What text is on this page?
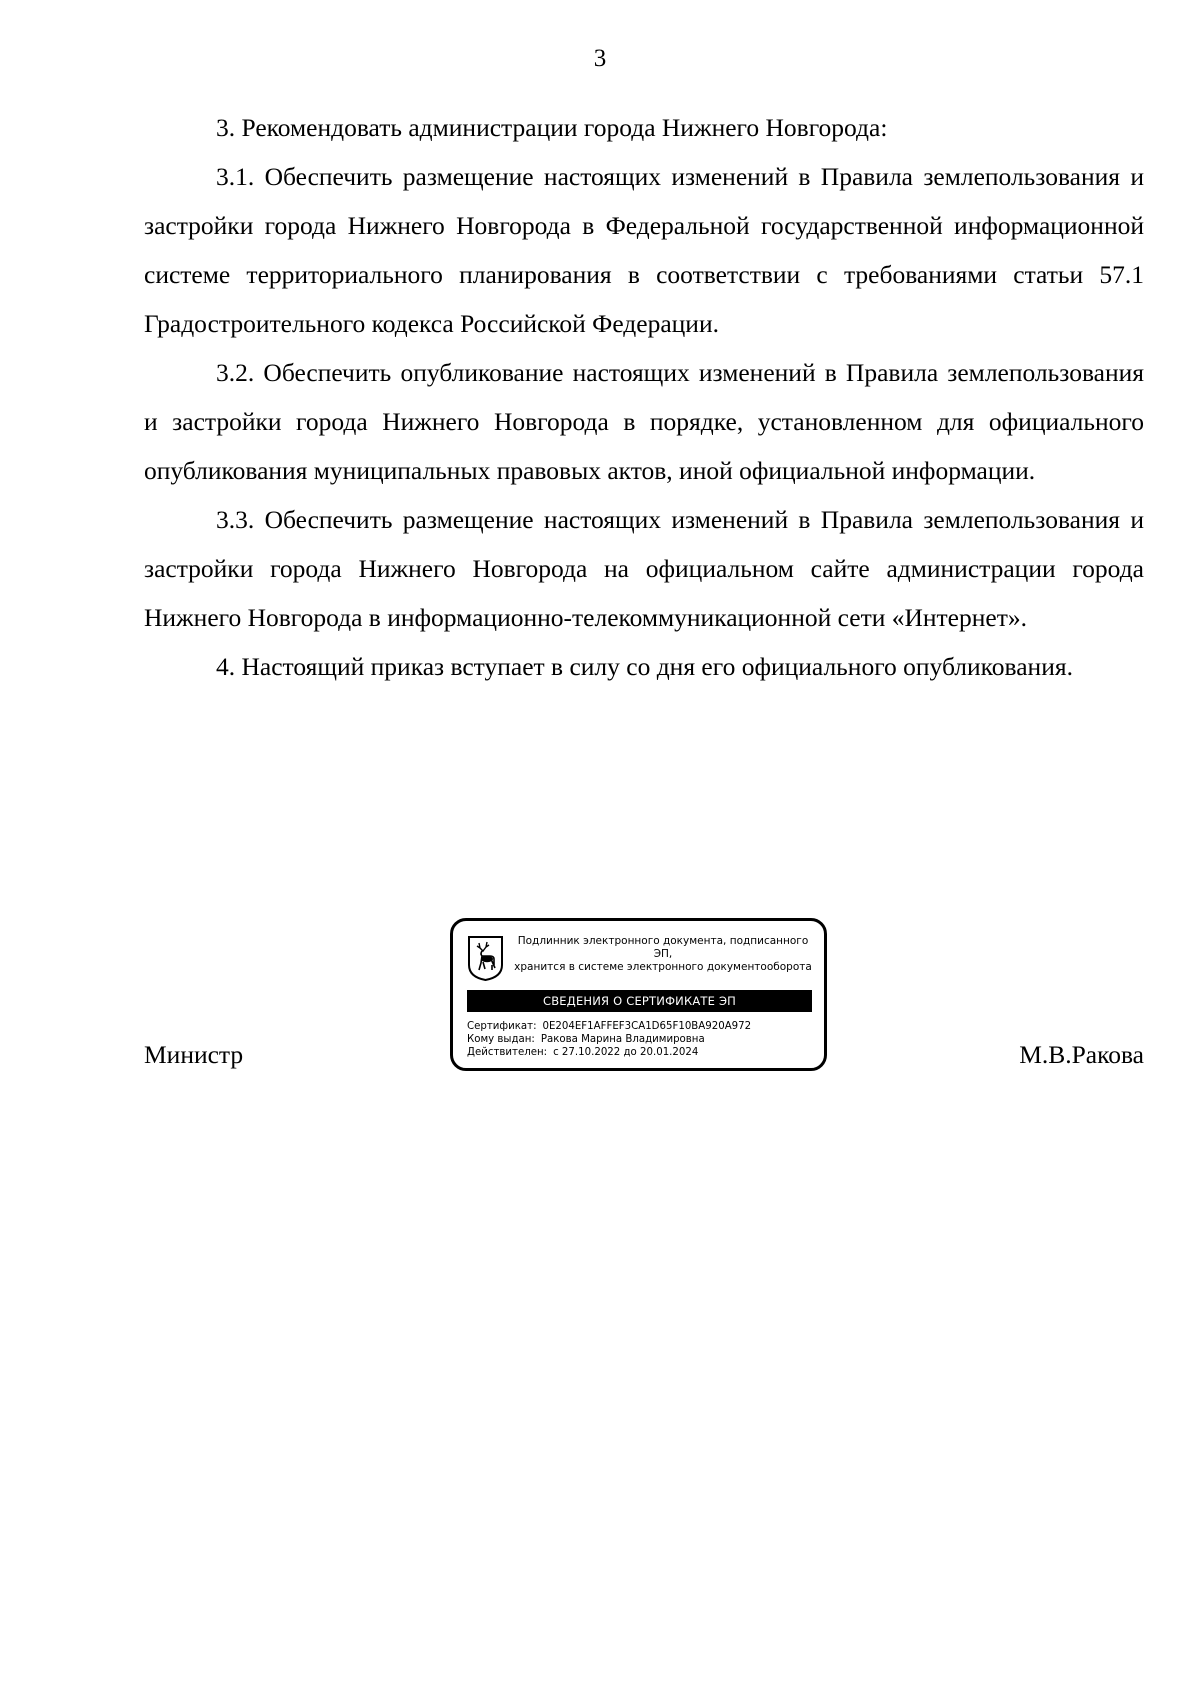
3

3. Рекомендовать администрации города Нижнего Новгорода:

3.1. Обеспечить размещение настоящих изменений в Правила землепользования и застройки города Нижнего Новгорода в Федеральной государственной информационной системе территориального планирования в соответствии с требованиями статьи 57.1 Градостроительного кодекса Российской Федерации.

3.2. Обеспечить опубликование настоящих изменений в Правила землепользования и застройки города Нижнего Новгорода в порядке, установленном для официального опубликования муниципальных правовых актов, иной официальной информации.

3.3. Обеспечить размещение настоящих изменений в Правила землепользования и застройки города Нижнего Новгорода на официальном сайте администрации города Нижнего Новгорода в информационно-телекоммуникационной сети «Интернет».

4. Настоящий приказ вступает в силу со дня его официального опубликования.

Министр
Подлинник электронного документа, подписанного ЭП,
хранится в системе электронного документооборота
СВЕДЕНИЯ О СЕРТИФИКАТЕ ЭП
Сертификат: 0E204EF1AFFEF3CA1D65F10BA920A972
Кому выдан: Ракова Марина Владимировна
Действителен: с 27.10.2022 до 20.01.2024	М.В.Ракова
